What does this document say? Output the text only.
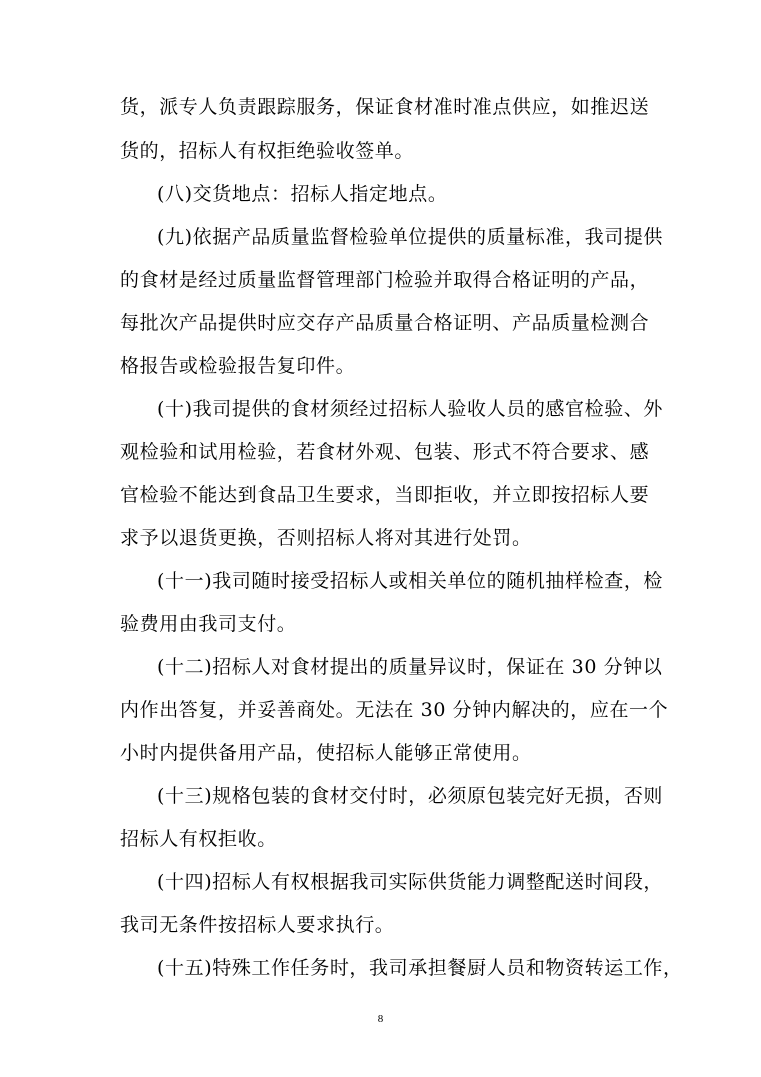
货，派专人负责跟踪服务，保证食材准时准点供应，如推迟送
货的，招标人有权拒绝验收签单。
(八)交货地点：招标人指定地点。
(九)依据产品质量监督检验单位提供的质量标准，我司提供
的食材是经过质量监督管理部门检验并取得合格证明的产品，
每批次产品提供时应交存产品质量合格证明、产品质量检测合
格报告或检验报告复印件。
(十)我司提供的食材须经过招标人验收人员的感官检验、外
观检验和试用检验，若食材外观、包装、形式不符合要求、感
官检验不能达到食品卫生要求，当即拒收，并立即按招标人要
求予以退货更换，否则招标人将对其进行处罚。
(十一)我司随时接受招标人或相关单位的随机抽样检查，检
验费用由我司支付。
(十二)招标人对食材提出的质量异议时，保证在 30 分钟以
内作出答复，并妥善商处。无法在 30 分钟内解决的，应在一个
小时内提供备用产品，使招标人能够正常使用。
(十三)规格包装的食材交付时，必须原包装完好无损，否则
招标人有权拒收。
(十四)招标人有权根据我司实际供货能力调整配送时间段，
我司无条件按招标人要求执行。
(十五)特殊工作任务时，我司承担餐厨人员和物资转运工作，
8
